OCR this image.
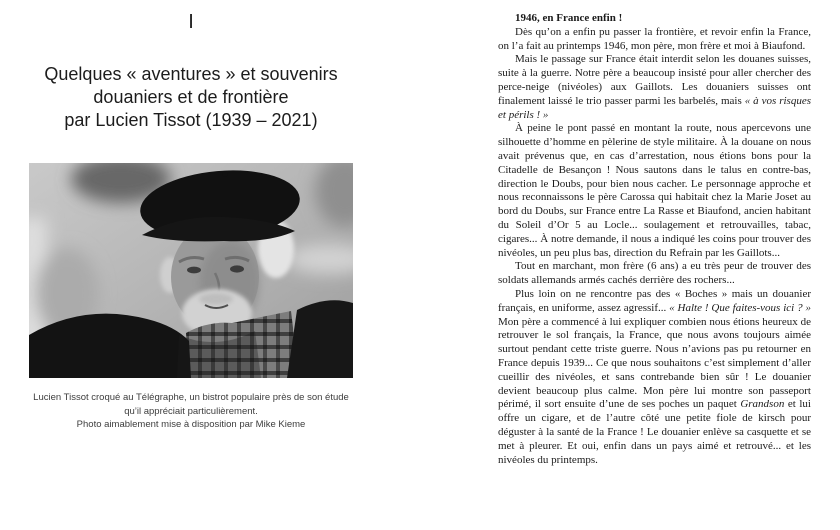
I
Quelques « aventures » et souvenirs
douaniers et de frontière
par Lucien Tissot (1939 – 2021)
Lucien Tissot croqué au Télégraphe, un bistrot populaire près de son étude
qu’il appréciait particulièrement.
Photo aimablement mise à disposition par Mike Kieme

1946, en France enfin !

Dès qu’on a enfin pu passer la frontière, et revoir enfin la France, on l’a fait au printemps 1946, mon père, mon frère et moi à Biaufond.

Mais le passage sur France était interdit selon les douanes suisses, suite à la guerre. Notre père a beaucoup insisté pour aller chercher des perce-neige (nivéoles) aux Gaillots. Les douaniers suisses ont finalement laissé le trio passer parmi les barbelés, mais « à vos risques et périls ! »

À peine le pont passé en montant la route, nous apercevons une silhouette d’homme en pèlerine de style militaire. À la douane on nous avait prévenus que, en cas d’arrestation, nous étions bons pour la Citadelle de Besançon ! Nous sautons dans le talus en contre-bas, direction le Doubs, pour bien nous cacher. Le personnage approche et nous reconnaissons le père Carossa qui habitait chez la Marie Joset au bord du Doubs, sur France entre La Rasse et Biaufond, ancien habitant du Soleil d’Or 5 au Locle... soulagement et retrouvailles, tabac, cigares... À notre demande, il nous a indiqué les coins pour trouver des nivéoles, un peu plus bas, direction du Refrain par les Gaillots...

Tout en marchant, mon frère (6 ans) a eu très peur de trouver des soldats allemands armés cachés derrière des rochers...

Plus loin on ne rencontre pas des « Boches » mais un douanier français, en uniforme, assez agressif... « Halte ! Que faites-vous ici ? » Mon père a commencé à lui expliquer combien nous étions heureux de retrouver le sol français, la France, que nous avons toujours aimée surtout pendant cette triste guerre. Nous n’avions pas pu retourner en France depuis 1939... Ce que nous souhaitons c’est simplement d’aller cueillir des nivéoles, et sans contrebande bien sûr ! Le douanier devient beaucoup plus calme. Mon père lui montre son passeport périmé, il sort ensuite d’une de ses poches un paquet Grandson et lui offre un cigare, et de l’autre côté une petite fiole de kirsch pour déguster à la santé de la France ! Le douanier enlève sa casquette et se met à pleurer. Et oui, enfin dans un pays aimé et retrouvé... et les nivéoles du printemps.
